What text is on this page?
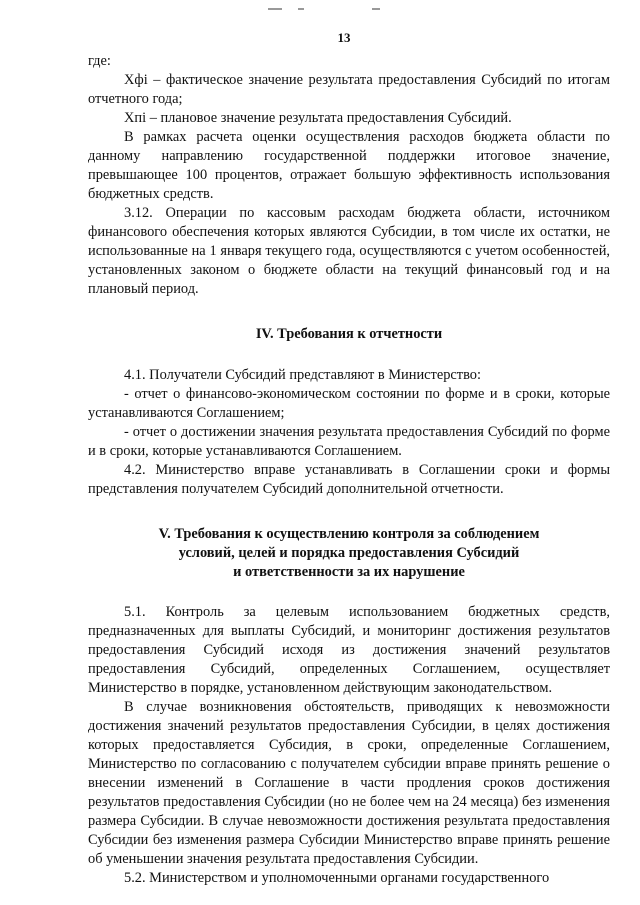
13

где:

Xфi – фактическое значение результата предоставления Субсидий по итогам отчетного года;

Xпi – плановое значение результата предоставления Субсидий.

В рамках расчета оценки осуществления расходов бюджета области по данному направлению государственной поддержки итоговое значение, превышающее 100 процентов, отражает большую эффективность использования бюджетных средств.

3.12. Операции по кассовым расходам бюджета области, источником финансового обеспечения которых являются Субсидии, в том числе их остатки, не использованные на 1 января текущего года, осуществляются с учетом особенностей, установленных законом о бюджете области на текущий финансовый год и на плановый период.

IV. Требования к отчетности

4.1. Получатели Субсидий представляют в Министерство:

- отчет о финансово-экономическом состоянии по форме и в сроки, которые устанавливаются Соглашением;

- отчет о достижении значения результата предоставления Субсидий по форме и в сроки, которые устанавливаются Соглашением.

4.2. Министерство вправе устанавливать в Соглашении сроки и формы представления получателем Субсидий дополнительной отчетности.

V. Требования к осуществлению контроля за соблюдением
условий, целей и порядка предоставления Субсидий
и ответственности за их нарушение

5.1. Контроль за целевым использованием бюджетных средств, предназначенных для выплаты Субсидий, и мониторинг достижения результатов предоставления Субсидий исходя из достижения значений результатов предоставления Субсидий, определенных Соглашением, осуществляет Министерство в порядке, установленном действующим законодательством.

В случае возникновения обстоятельств, приводящих к невозможности достижения значений результатов предоставления Субсидии, в целях достижения которых предоставляется Субсидия, в сроки, определенные Соглашением, Министерство по согласованию с получателем субсидии вправе принять решение о внесении изменений в Соглашение в части продления сроков достижения результатов предоставления Субсидии (но не более чем на 24 месяца) без изменения размера Субсидии. В случае невозможности достижения результата предоставления Субсидии без изменения размера Субсидии Министерство вправе принять решение об уменьшении значения результата предоставления Субсидии.

5.2. Министерством и уполномоченными органами государственного
